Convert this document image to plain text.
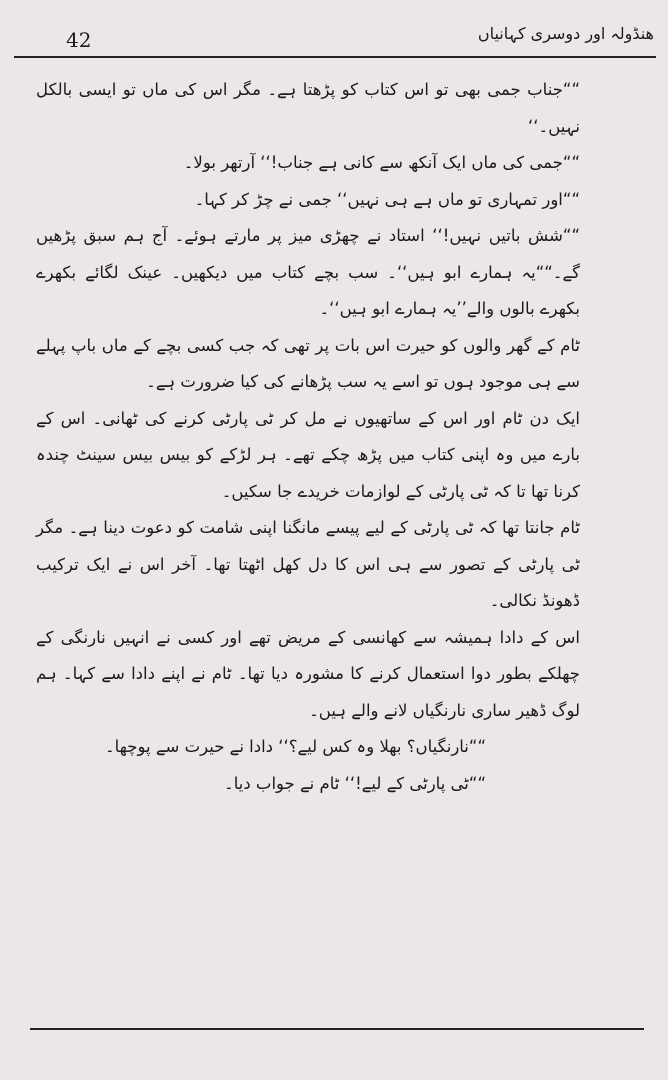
42	ھنڈولہ اور دوسری کہانیاں

““جناب جمی بھی تو اس کتاب کو پڑھتا ہے۔ مگر اس کی ماں تو ایسی بالکل نہیں۔‘‘

““جمی کی ماں ایک آنکھ سے کانی ہے جناب!‘‘ آرتھر بولا۔

““اور تمہاری تو ماں ہے ہی نہیں‘‘ جمی نے چڑ کر کہا۔

““شش باتیں نہیں!‘‘ استاد نے چھڑی میز پر مارتے ہوئے۔ آج ہم سبق پڑھیں گے۔““یہ ہمارے ابو ہیں‘‘۔ سب بچے کتاب میں دیکھیں۔ عینک لگائے بکھرے بکھرے بالوں والے’’یہ ہمارے ابو ہیں‘‘۔

ٹام کے گھر والوں کو حیرت اس بات پر تھی کہ جب کسی بچے کے ماں باپ پہلے سے ہی موجود ہوں تو اسے یہ سب پڑھانے کی کیا ضرورت ہے۔

ایک دن ٹام اور اس کے ساتھیوں نے مل کر ٹی پارٹی کرنے کی ٹھانی۔ اس کے بارے میں وہ اپنی کتاب میں پڑھ چکے تھے۔ ہر لڑکے کو بیس بیس سینٹ چندہ کرنا تھا تا کہ ٹی پارٹی کے لوازمات خریدے جا سکیں۔

ٹام جانتا تھا کہ ٹی پارٹی کے لیے پیسے مانگنا اپنی شامت کو دعوت دینا ہے۔ مگر ٹی پارٹی کے تصور سے ہی اس کا دل کھل اٹھتا تھا۔ آخر اس نے ایک ترکیب ڈھونڈ نکالی۔

اس کے دادا ہمیشہ سے کھانسی کے مریض تھے اور کسی نے انہیں نارنگی کے چھلکے بطور دوا استعمال کرنے کا مشورہ دیا تھا۔ ٹام نے اپنے دادا سے کہا۔ ہم لوگ ڈھیر ساری نارنگیاں لانے والے ہیں۔

““نارنگیاں؟ بھلا وہ کس لیے؟‘‘ دادا نے حیرت سے پوچھا۔

““ٹی پارٹی کے لیے!‘‘ ٹام نے جواب دیا۔
